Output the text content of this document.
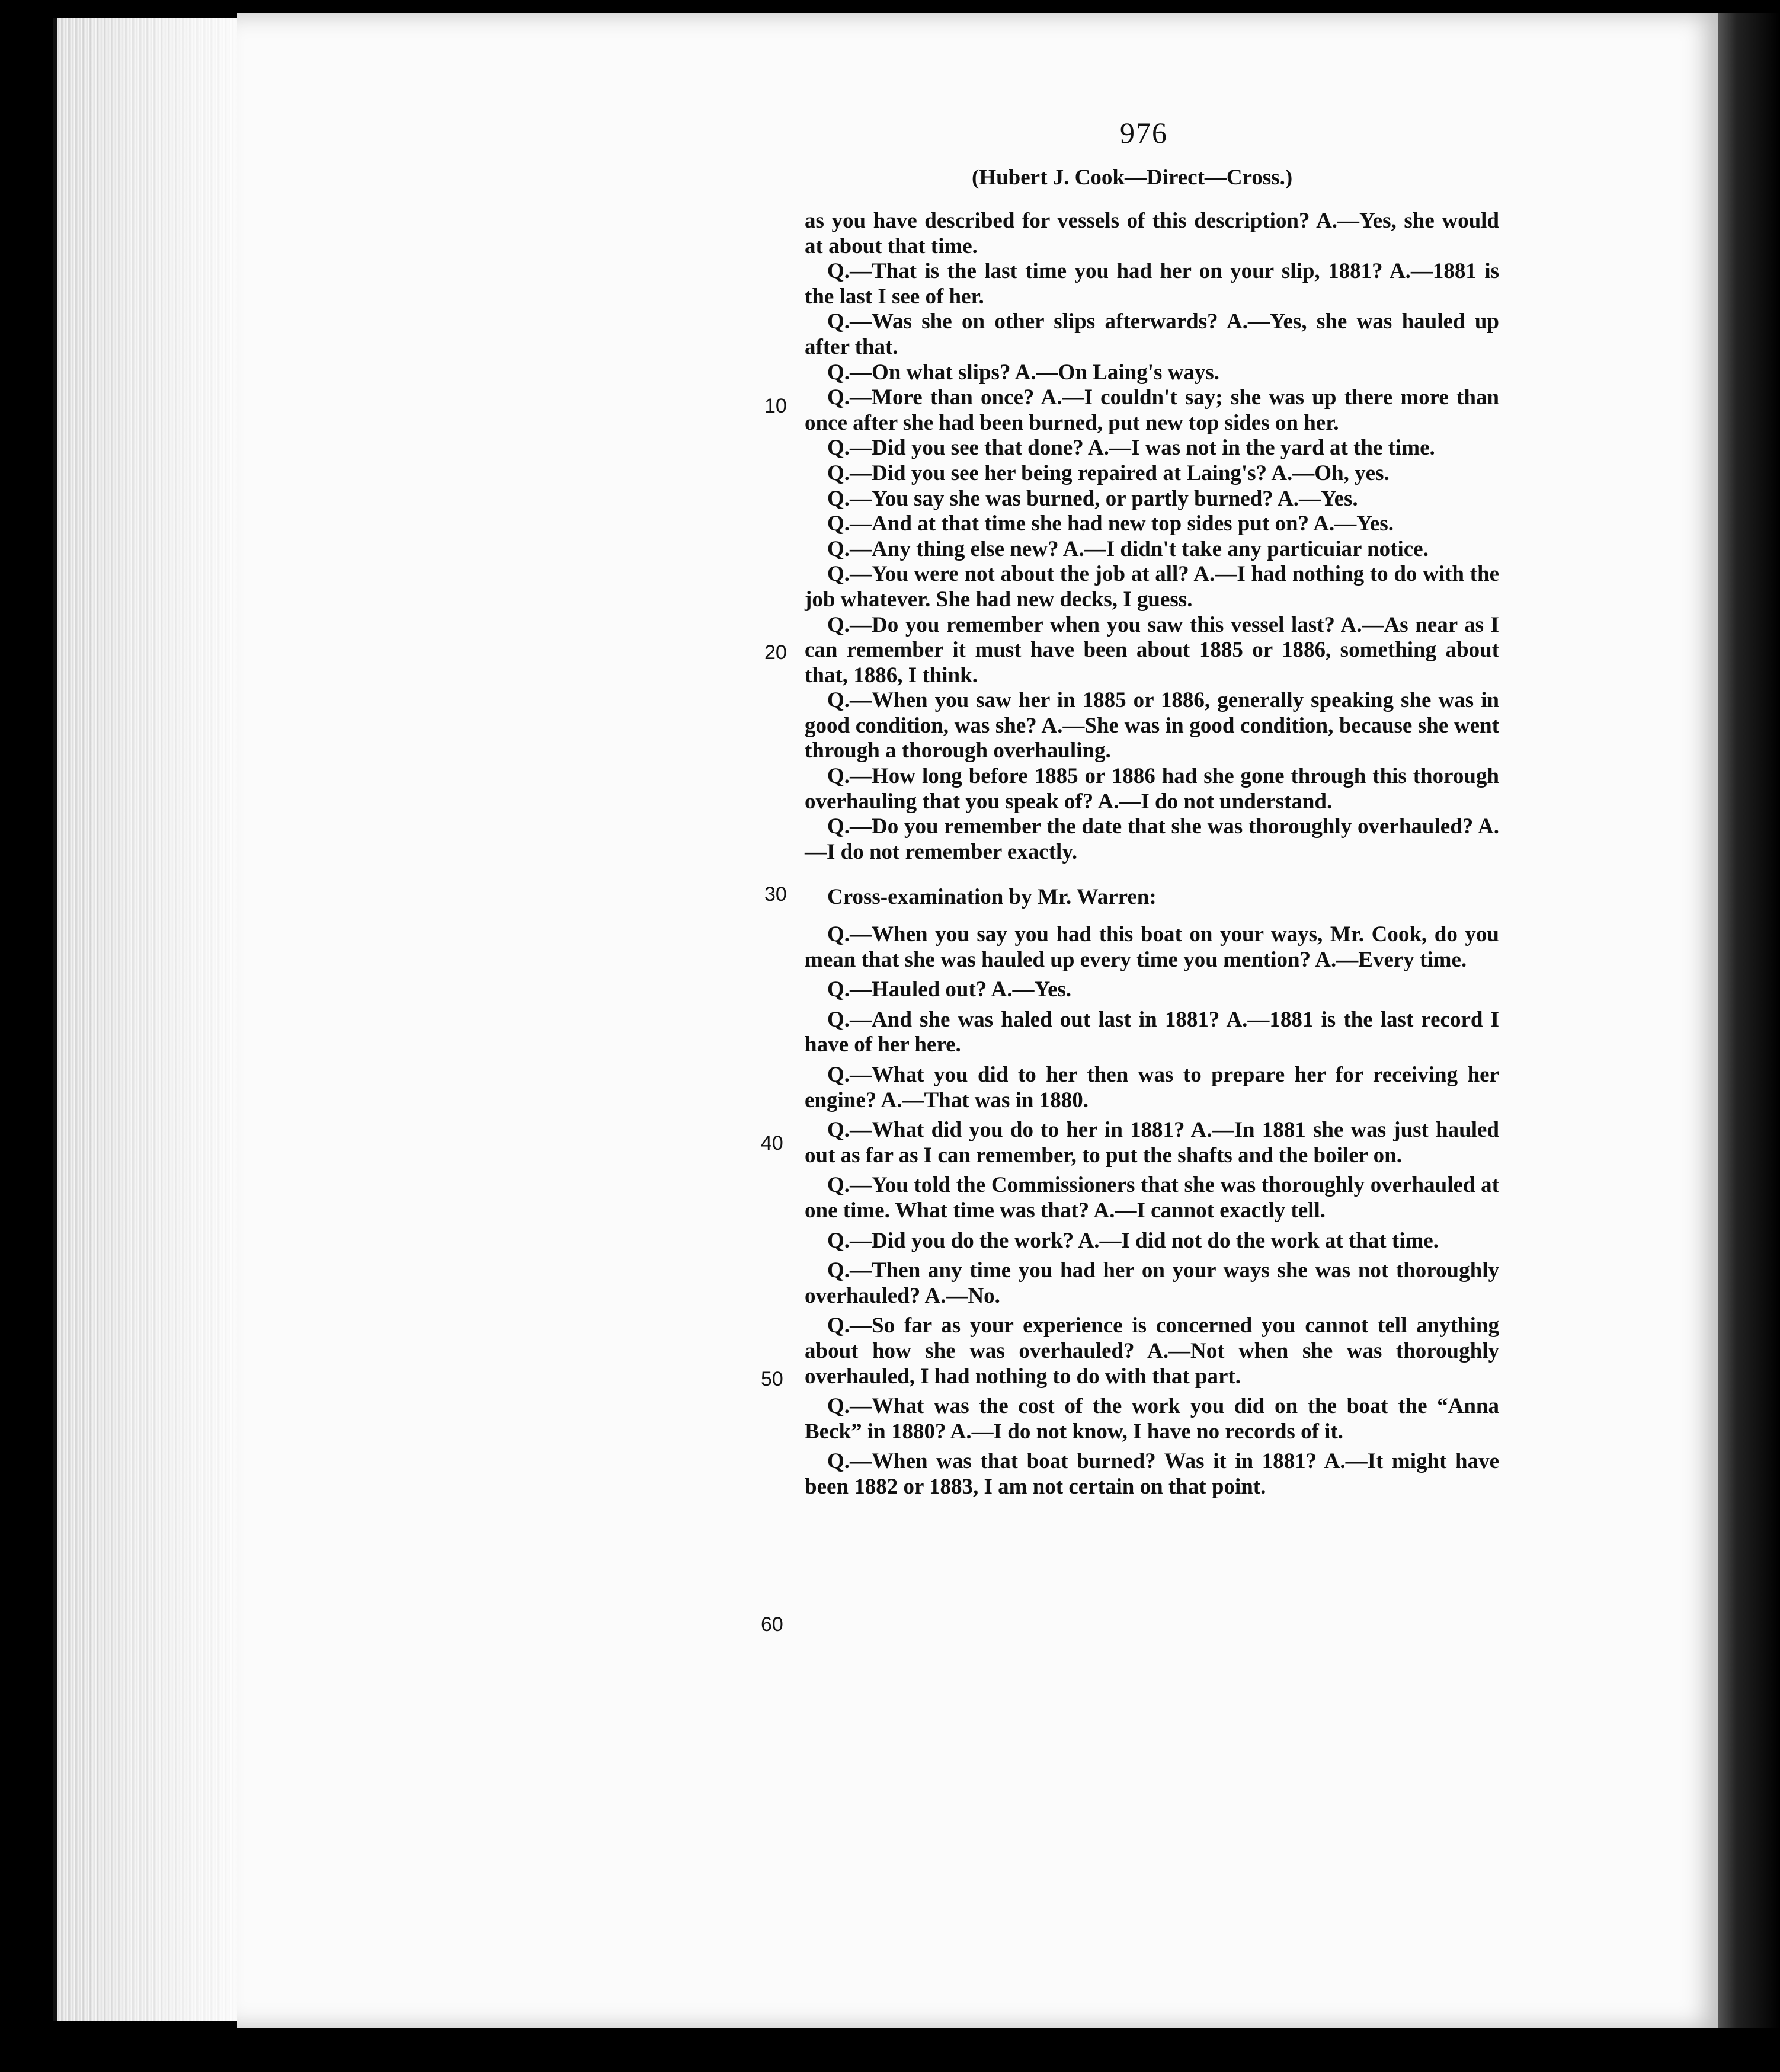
976
(Hubert J. Cook—Direct—Cross.)
10
20
30
40
50
60

as you have described for vessels of this description? A.—Yes, she would at about that time.

Q.—That is the last time you had her on your slip, 1881? A.—1881 is the last I see of her.

Q.—Was she on other slips afterwards? A.—Yes, she was hauled up after that.

Q.—On what slips? A.—On Laing's ways.

Q.—More than once? A.—I couldn't say; she was up there more than once after she had been burned, put new top sides on her.

Q.—Did you see that done? A.—I was not in the yard at the time.

Q.—Did you see her being repaired at Laing's? A.—Oh, yes.

Q.—You say she was burned, or partly burned? A.—Yes.

Q.—And at that time she had new top sides put on? A.—Yes.

Q.—Any thing else new? A.—I didn't take any particuiar notice.

Q.—You were not about the job at all? A.—I had nothing to do with the job whatever. She had new decks, I guess.

Q.—Do you remember when you saw this vessel last? A.—As near as I can remember it must have been about 1885 or 1886, something about that, 1886, I think.

Q.—When you saw her in 1885 or 1886, generally speaking she was in good condition, was she? A.—She was in good condition, because she went through a thorough overhauling.

Q.—How long before 1885 or 1886 had she gone through this thorough overhauling that you speak of? A.—I do not understand.

Q.—Do you remember the date that she was thoroughly overhauled? A.—I do not remember exactly.

Cross-examination by Mr. Warren:

Q.—When you say you had this boat on your ways, Mr. Cook, do you mean that she was hauled up every time you mention? A.—Every time.

Q.—Hauled out? A.—Yes.

Q.—And she was haled out last in 1881? A.—1881 is the last record I have of her here.

Q.—What you did to her then was to prepare her for receiving her engine? A.—That was in 1880.

Q.—What did you do to her in 1881? A.—In 1881 she was just hauled out as far as I can remember, to put the shafts and the boiler on.

Q.—You told the Commissioners that she was thoroughly overhauled at one time. What time was that? A.—I cannot exactly tell.

Q.—Did you do the work? A.—I did not do the work at that time.

Q.—Then any time you had her on your ways she was not thoroughly overhauled? A.—No.

Q.—So far as your experience is concerned you cannot tell anything about how she was overhauled? A.—Not when she was thoroughly overhauled, I had nothing to do with that part.

Q.—What was the cost of the work you did on the boat the “Anna Beck” in 1880? A.—I do not know, I have no records of it.

Q.—When was that boat burned? Was it in 1881? A.—It might have been 1882 or 1883, I am not certain on that point.
